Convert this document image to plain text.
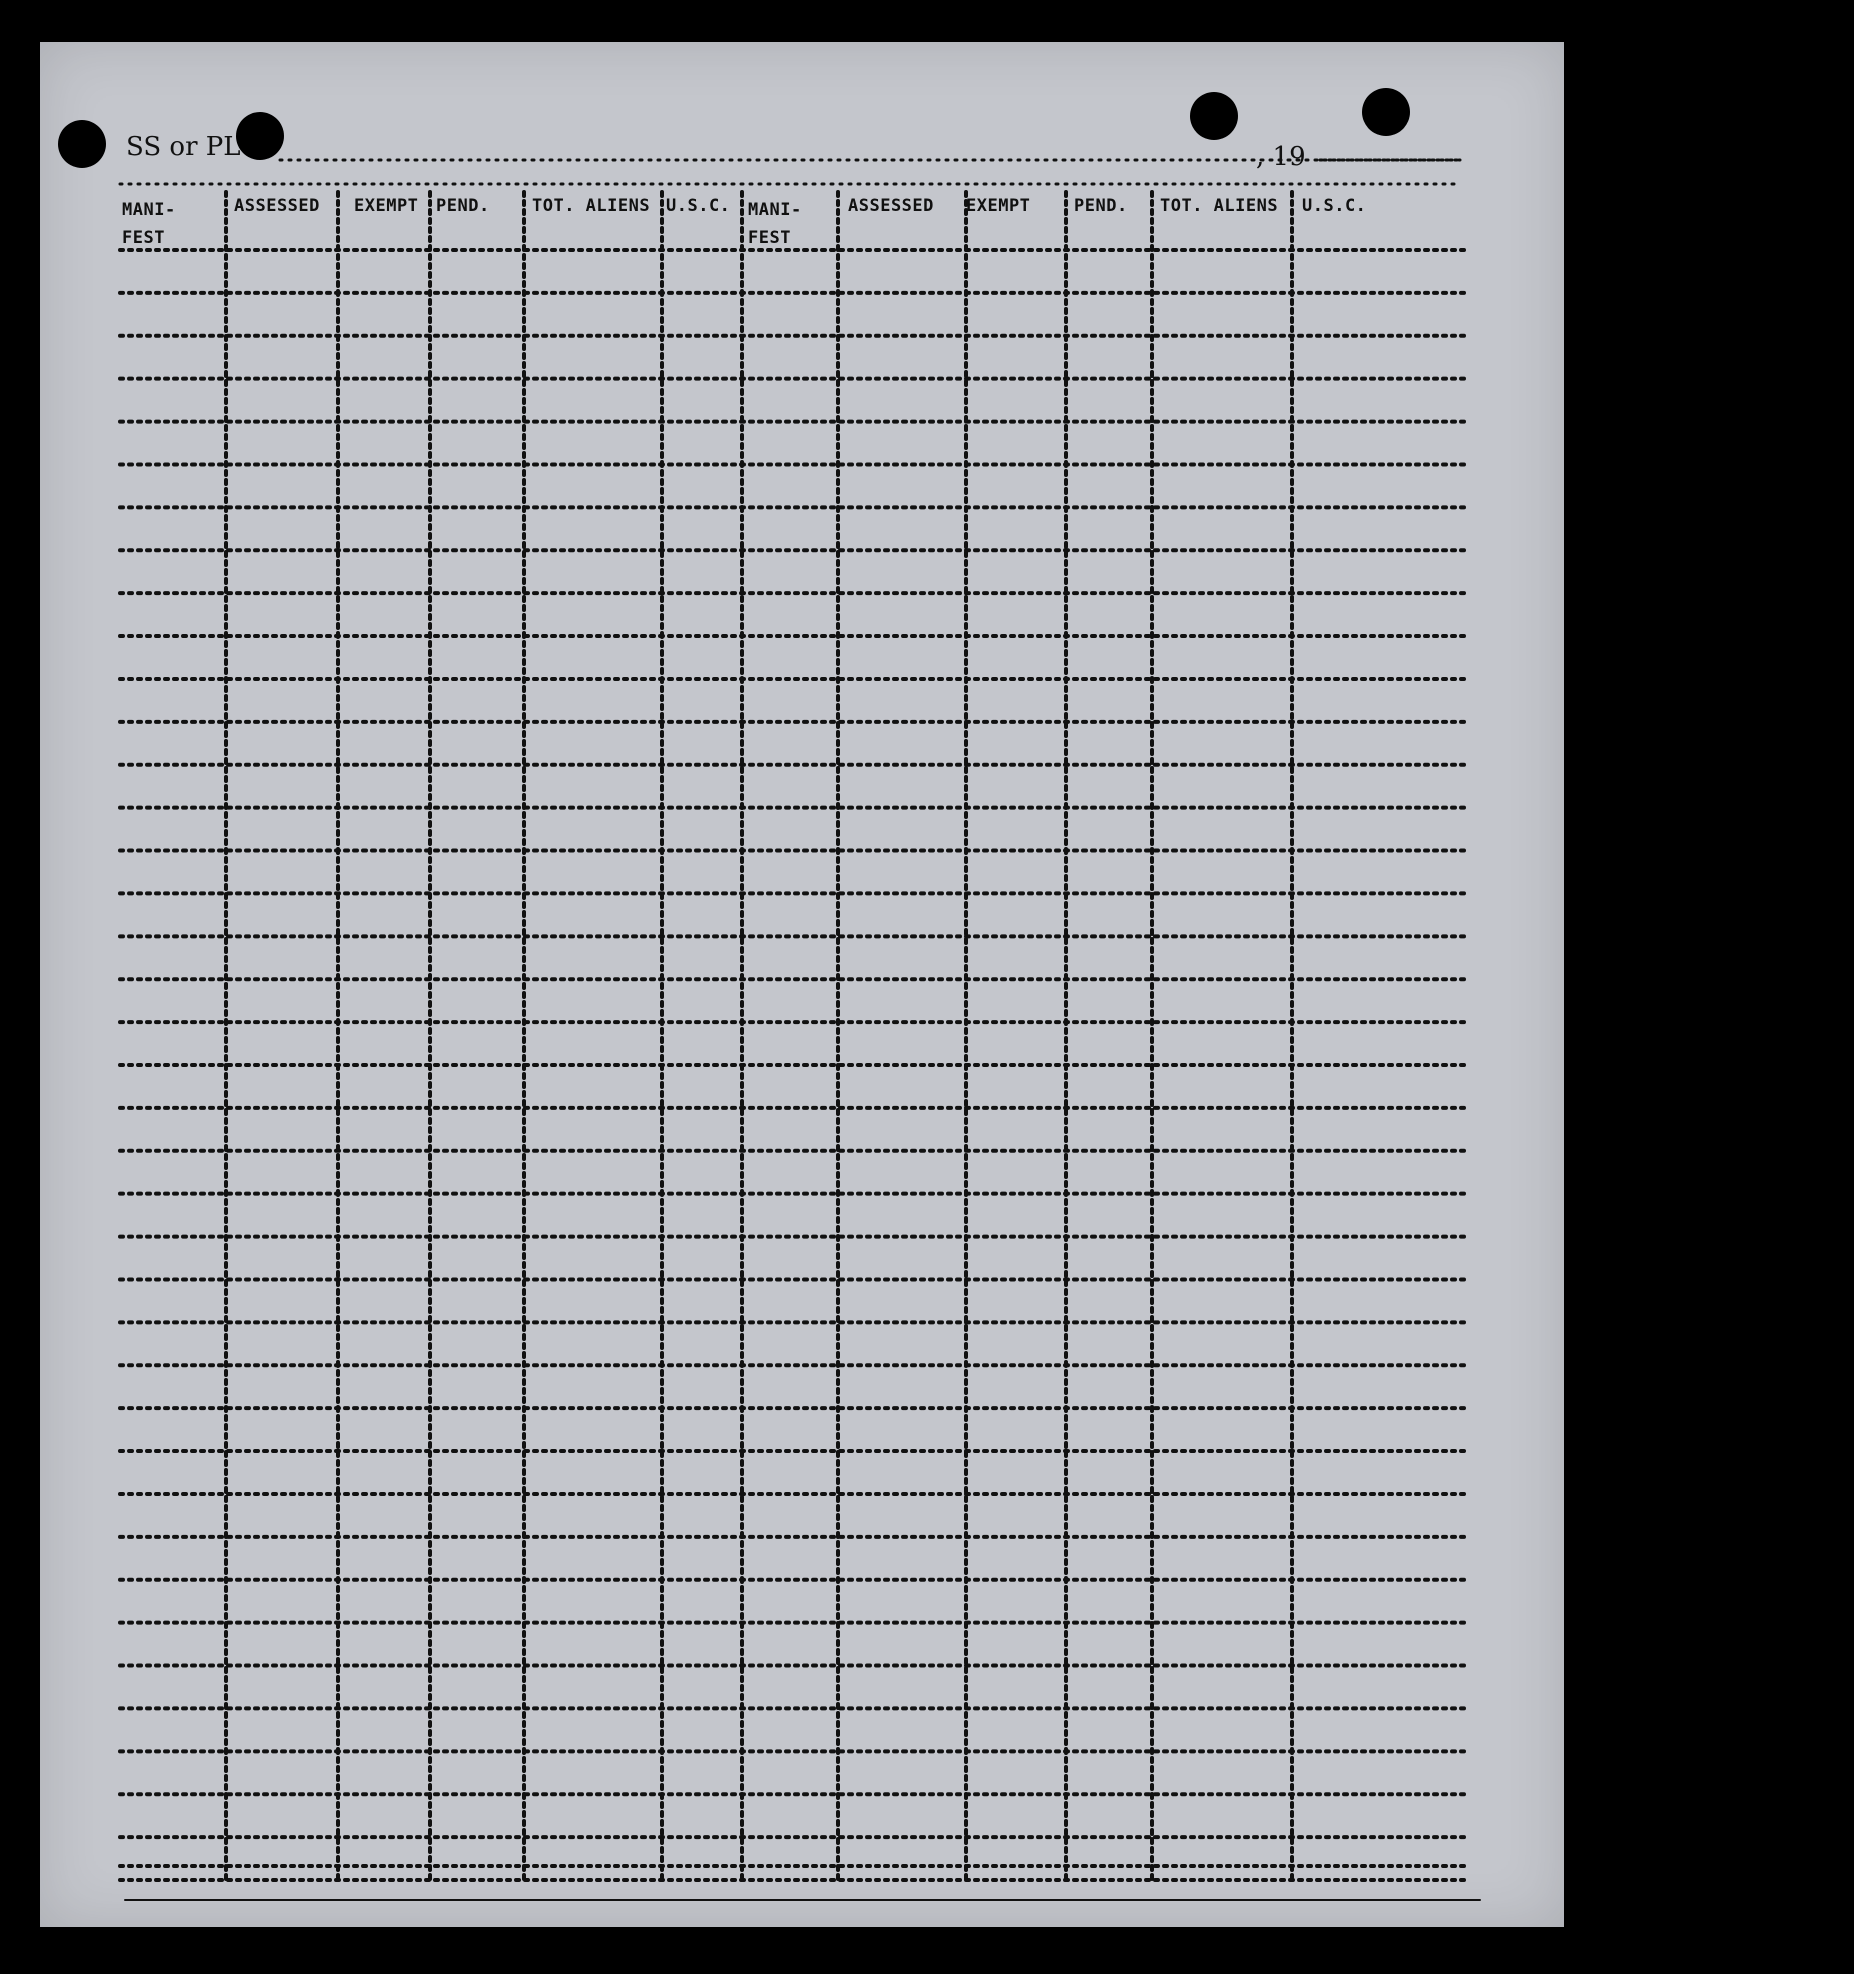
SS or PL	, 19
MANI-
FEST
ASSESSED EXEMPT PEND. TOT. ALIENS U.S.C. MANI-
FEST
ASSESSED EXEMPT	PEND. TOT. ALIENS U.S.C.
